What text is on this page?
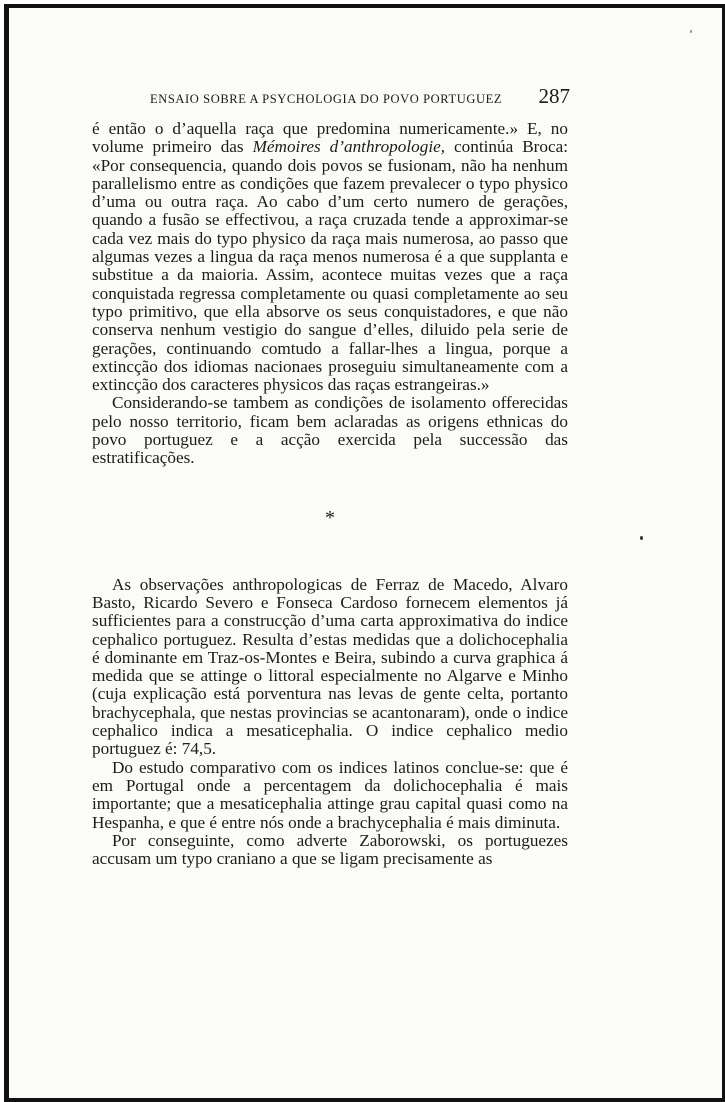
ENSAIO SOBRE A PSYCHOLOGIA DO POVO PORTUGUEZ 287

é então o d’aquella raça que predomina numericamente.» E, no volume primeiro das Mémoires d’anthropologie, continúa Broca: «Por consequencia, quando dois povos se fusionam, não ha nenhum parallelismo entre as condições que fazem prevalecer o typo physico d’uma ou outra raça. Ao cabo d’um certo numero de gerações, quando a fusão se effectivou, a raça cruzada tende a approximar-se cada vez mais do typo physico da raça mais numerosa, ao passo que algumas vezes a lingua da raça menos numerosa é a que supplanta e substitue a da maioria. Assim, acontece muitas vezes que a raça conquistada regressa completamente ou quasi completamente ao seu typo primitivo, que ella absorve os seus conquistadores, e que não conserva nenhum vestigio do sangue d’elles, diluido pela serie de gerações, continuando comtudo a fallar-lhes a lingua, porque a extincção dos idiomas nacionaes proseguiu simultaneamente com a extincção dos caracteres physicos das raças estrangeiras.»

Considerando-se tambem as condições de isolamento offerecidas pelo nosso territorio, ficam bem aclaradas as origens ethnicas do povo portuguez e a acção exercida pela successão das estratificações.

*

As observações anthropologicas de Ferraz de Macedo, Alvaro Basto, Ricardo Severo e Fonseca Cardoso fornecem elementos já sufficientes para a construcção d’uma carta approximativa do indice cephalico portuguez. Resulta d’estas medidas que a dolichocephalia é dominante em Traz-os-Montes e Beira, subindo a curva graphica á medida que se attinge o littoral especialmente no Algarve e Minho (cuja explicação está porventura nas levas de gente celta, portanto brachycephala, que nestas provincias se acantonaram), onde o indice cephalico indica a mesaticephalia. O indice cephalico medio portuguez é: 74,5.

Do estudo comparativo com os indices latinos conclue-se: que é em Portugal onde a percentagem da dolichocephalia é mais importante; que a mesaticephalia attinge grau capital quasi como na Hespanha, e que é entre nós onde a brachycephalia é mais diminuta.

Por conseguinte, como adverte Zaborowski, os portuguezes accusam um typo craniano a que se ligam precisamente as
